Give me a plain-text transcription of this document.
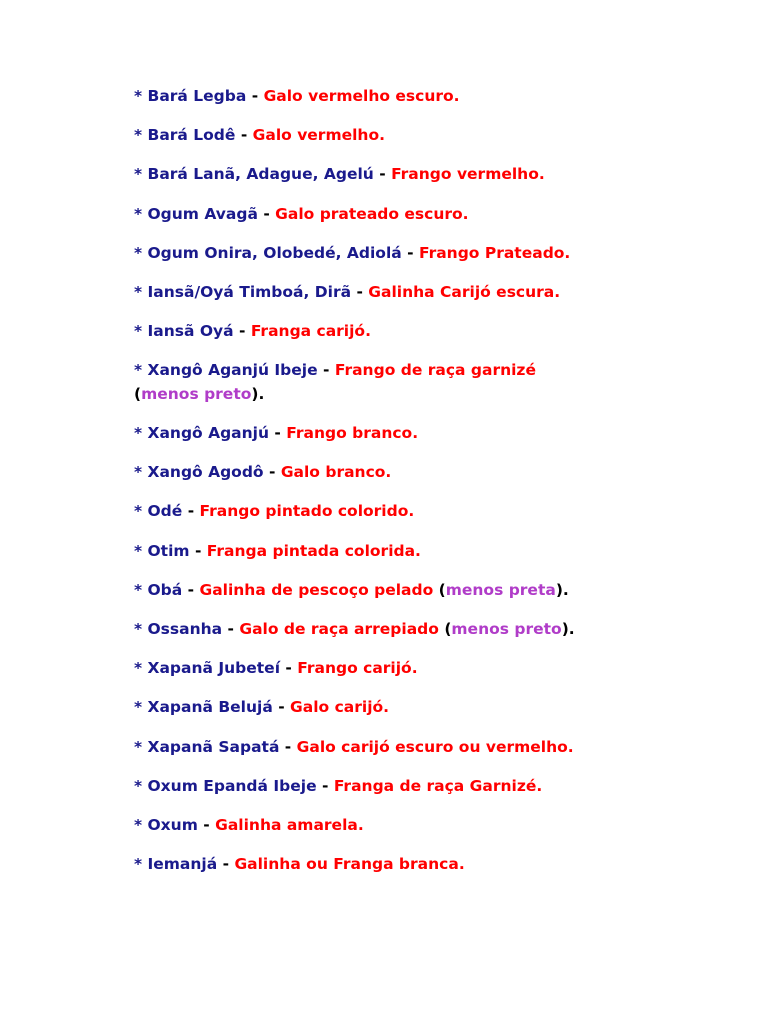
* Bará Legba - Galo vermelho escuro.

* Bará Lodê - Galo vermelho.

* Bará Lanã, Adague, Agelú - Frango vermelho.

* Ogum Avagã - Galo prateado escuro.

* Ogum Onira, Olobedé, Adiolá - Frango Prateado.

* Iansã/Oyá Timboá, Dirã - Galinha Carijó escura.

* Iansã Oyá - Franga carijó.

* Xangô Aganjú Ibeje - Frango de raça garnizé (menos preto).

* Xangô Aganjú - Frango branco.

* Xangô Agodô - Galo branco.

* Odé - Frango pintado colorido.

* Otim - Franga pintada colorida.

* Obá - Galinha de pescoço pelado (menos preta).

* Ossanha - Galo de raça arrepiado (menos preto).

* Xapanã Jubeteí - Frango carijó.

* Xapanã Belujá - Galo carijó.

* Xapanã Sapatá - Galo carijó escuro ou vermelho.

* Oxum Epandá Ibeje - Franga de raça Garnizé.

* Oxum - Galinha amarela.

* Iemanjá - Galinha ou Franga branca.
